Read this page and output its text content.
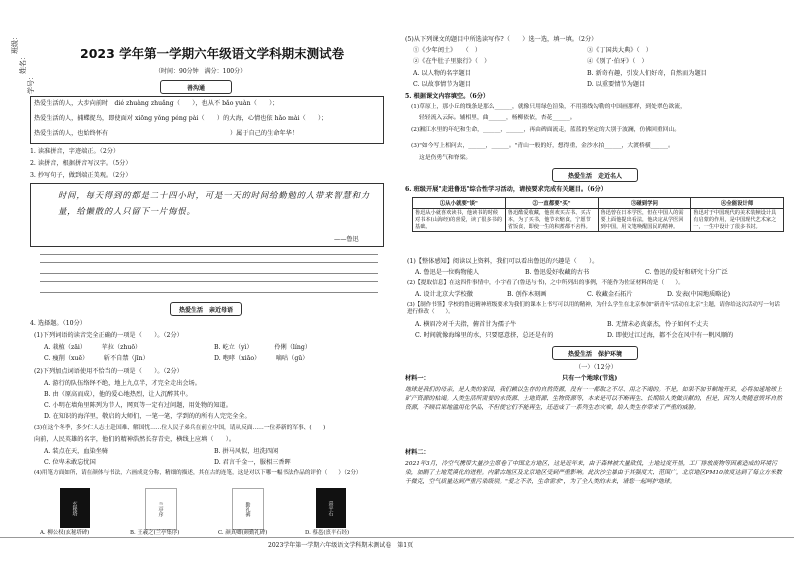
班级：
姓名：
学号：
2023 学年第一学期六年级语文学科期末测试卷
（时间：90分钟　满分：100分）
善沟通
热爱生活的人，大步向前时　dié zhuàng zhuǎng（　　），也从不 bǎo yuàn（　　）；
热爱生活的人，捕蝶捉鸟，即使面对 xiōng yǒng péng pài（　　）的大海，心情也依 hǎo mài（　　）；
热爱生活的人，也始终怀有	）属于自己的生命年华！
1. 读准拼音，字迹端正。（2分）
2. 读拼音，根据拼音写汉字。（5分）
3. 抄写句子，做到端正美观。（2分）
时间，每天得到的都是二十四小时，可是一天的时间给勤勉的人带来智慧和力量，给懒散的人只留下一片悔恨。
——鲁迅
热爱生活　亲近母语
4. 选择题。（10分）
(1)下列词语的读音完全正确的一项是（　　）。（2分）
A. 栽植（zāi）　　　苹拉（zhuō）	B. 屹立（yì）　　　　伶俐（líng）
C. 瘦削（xuē）　　　斩不自禁（jīn）	D. 咆哮（xiāo）　　　嘀咕（gū）
(2)下列加点词语使用不恰当的一项是（　　）。（2分）
A. 游行的队伍络绎不绝，地上九点半，才完全走出会场。
B. 由（原高而成），他的爱心地热烈，让人沉醉其中。
C. 小明在墙角里陈列为节人，网页等一定有过问题，用处物的知道。
D. 在知识的海洋里，敬启的大师们，一笔一笔，学到的的所有人完完全全。
(3)在这个冬季，多少仁人志士赴国难、解国忧……位人民子弟兵在前立中国，请从反面……一位养新的军事、(　　)
向前，人民英雄的名字，他们的精神浩然长存青史，横线上应填（　　）。
A. 装点在天，血染坐骑	B. 拼马风似，坦洗四闲
C. 位卑未敢忘忧国	D. 君言千金一，服相三香晖
(4)用笔方面如所，请在颜体与书法，六画成竟分称，精细的描述，其在古的连笔，这是对以下哪一幅书法作品的评价（　　）（2分）
玄秘塔	兰亭序	勤礼碑	熹平石
A. 柳公权(玄秘塔碑)	B. 王羲之(兰亭集序)	C. 颜真卿(颜勤礼碑)	D. 蔡邕(熹平石经)
(5)从下列课文的题目中所选读写作?（　　）选一选，填一填。（2分）
①《少年闰土》　　（　）	③《丁国共大典》（　）
②《在牛肚子里旅行》（　）	④《别了·伯牙》（　）
A. 以人物的名字题目	B. 新奇有趣，引发人们好奇，自然而为题目
C. 以故事情节为题目	D. 以重要情节为题目
5. 根据课文内容填空。（6分）
(1)草原上，那小丘的线条是那么______，就像只用绿色渲染，不用墨线勾勒的中国画那样，到处翠色欲流，
轻轻流入云际。辅相里，曲______，杨柳依依，杏花______。
(2)湘江水里的年纪和生命，______，______，再由碑面流走，蓝蓝的坚定的大别于波澜，仿佛回重回山。
(3)"如今写上相问去，______，______。"青山一般的好，想得重，金沙水拍______，大渡桥横______。
这是伤勇气和脊梁。
热爱生活　走近名人
6. 班级开展"走进鲁迅"综合性学习活动，请按要求完成有关题目。（6分）
①从小就要"谈"	②一直都要"买"	③碰到学问	④全能设计师
鲁迅从小就喜欢读书，他读书的时候对书本(山海经)的喜爱，读了很多书的基础。	鲁迅酷爱收藏，他喜欢买古书、买古本，为了买书，他节衣缩食，宁愿节省饭食，即使一生的积蓄都不舍得。	鲁迅曾在日本学医，但在中国人的需要上面他提出看法，他决定从学医回到中国，用文笔唤醒国民的精神。	鲁迅对于中国现代的美术装帧设计具有启蒙的作用，是中国现代艺术家之一，一生中设计了很多书封。
(1)【整体感知】阅读以上资料，我们可以看出鲁迅的兴趣是（　　）。
A. 鲁迅是一位购物能人	B. 鲁迅爱好收藏的古书	C. 鲁迅的爱好和研究十分广泛
(2)【提取信息】在这四件事情中，小宇看了(鲁迅与书)，之中所列出的事例，不能作为佐证材料的是（　　）。
A. 设计北京大学校徽	B. 创作木刻画	C. 收藏金石拓片	D. 发表(中国地质略论)
(3)【制作书签】学校的鲁迅精神班级要求为我们的课本上书写可以用的精神，为什么学生在北京参加"新青年"活动在北京"主题，请你给这次活动写一句话进行修改（　　）。
A. 横眉冷对千夫指，俯首甘为孺子牛	B. 无情未必真豪杰，怜子如何不丈夫
C. 时间就像海绵里的水，只要愿意挤，总还是有的	D. 即使过江过海，都不会在风中有一帆风顺的
热爱生活　保护环境
（一）（12分）
只有一个地球(节选)
材料一：
地球是我们的母亲，是人类的家园，我们赖以生存的自然资源，没有一一都取之不尽、用之不竭的。不是，如果不加节制地开采，必将加速地球上矿产资源的枯竭。人类生活所需要的水资源、土地资源、生物资源等，本来是可以不断再生、长期给人类做贡献的，但是，因为人类随意毁坏自然资源，不顾后果地滥用化学品，不但使它们不能再生，还造成了一系列生态灾难，给人类生存带来了严重的威胁。
材料二：
2021年3月，冷空气携带大量沙尘席卷了中国北方地区，这是近年来，由于森林被大量砍伐，土地过度开垦，工厂排放废物等因素造成的环境污染，加剧了土地荒漠化的进程。内蒙古地区及北京地区受到严重影响。此次沙尘暴由于其强度大、范围广，北京地区PM10浓度达到了每立方米数千微克，空气质量达到严重污染级别。"爱之不杀，生命需求"，为了全人类的未来，请您一起呵护地球。
2023学年第一学期六年级语文学科期末测试卷　第1页
